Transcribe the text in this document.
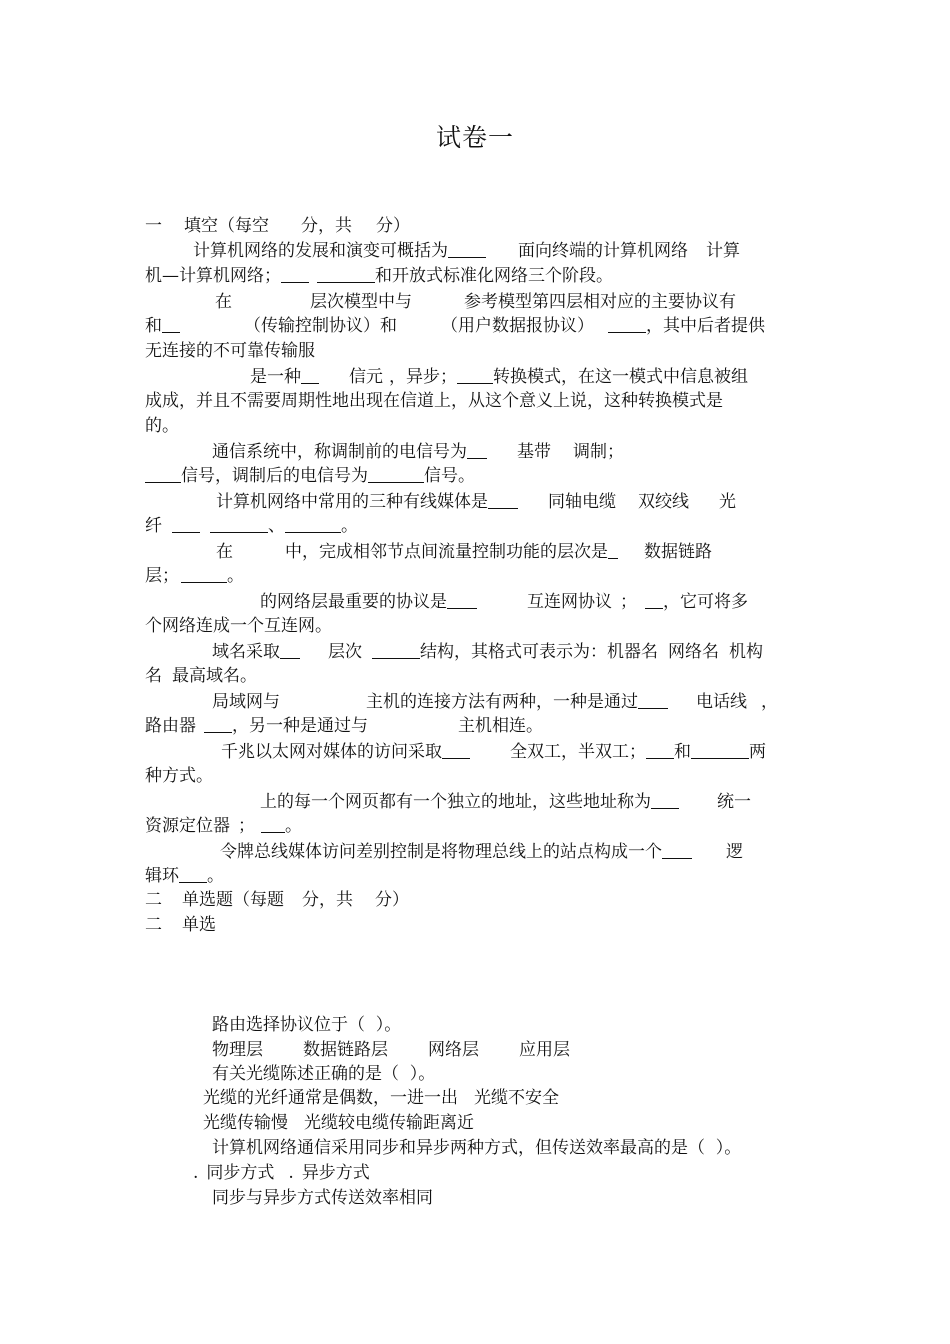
试卷一
一 填空（每空 分，共 分）
计算机网络的发展和演变可概括为	面向终端的计算机网络 计算
机—计算机网络；	和开放式标准化网络三个阶段。
在	层次模型中与	参考模型第四层相对应的主要协议有
和	（传输控制协议）和	（用户数据报协议）	，其中后者提供
无连接的不可靠传输服
是一种	信元 ，异步； 转换模式，在这一模式中信息被组
成成，并且不需要周期性地出现在信道上，从这个意义上说，这种转换模式是
的。
通信系统中，称调制前的电信号为	基带 调制；
信号，调制后的电信号为	信号。
计算机网络中常用的三种有线媒体是	同轴电缆 双绞线 光
纤	、	。
在	中，完成相邻节点间流量控制功能的层次是 数据链路
层；	。
的网络层最重要的协议是	互连网协议 ； ，它可将多
个网络连成一个互连网。
域名采取	层次	结构，其格式可表示为：机器名 网络名 机构
名 最高域名。
局域网与	主机的连接方法有两种，一种是通过	电话线 ，
路由器 ，另一种是通过与	主机相连。
千兆以太网对媒体的访问采取	全双工，半双工； 和	两
种方式。
上的每一个网页都有一个独立的地址，这些地址称为	统一
资源定位器 ； 。
令牌总线媒体访问差别控制是将物理总线上的站点构成一个	逻
辑环 。
二 单选题（每题 分，共 分）
二 单选
路由选择协议位于（  ）。
物理层 数据链路层 网络层 应用层
有关光缆陈述正确的是（  ）。
光缆的光纤通常是偶数，一进一出 光缆不安全
光缆传输慢 光缆较电缆传输距离近
计算机网络通信采用同步和异步两种方式，但传送效率最高的是（  ）。
. 同步方式 . 异步方式
同步与异步方式传送效率相同
